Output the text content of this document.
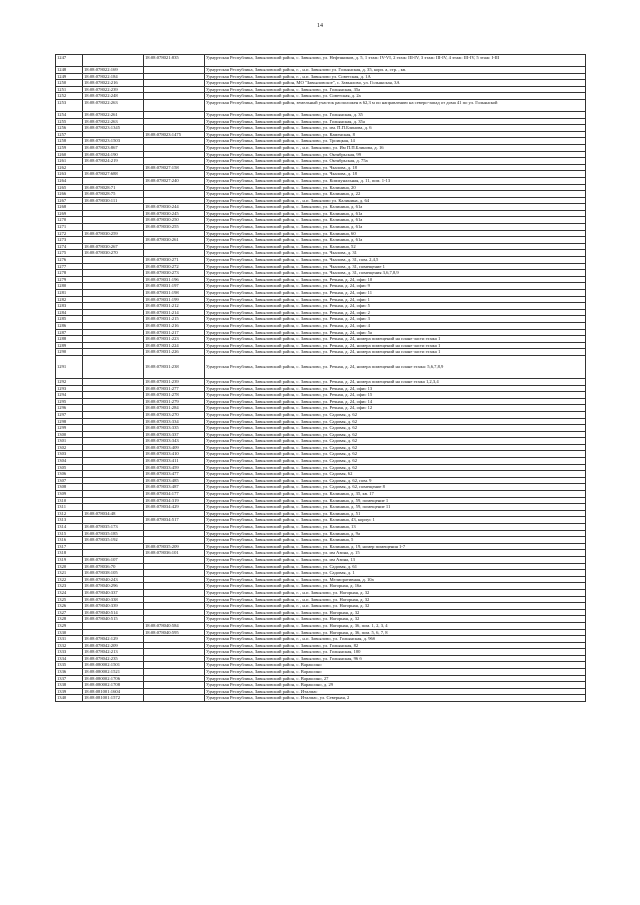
14
1247		18:08:078021:835	Удмуртская Республика, Завьяловский район, с. Завьялово, ул. Нефтяников, д. 5, 1 этаж: IV-VI, 2 этаж: III-IV, 3 этаж: III-IV, 4 этаж: III-IV, 5 этаж: I-III
1248	18:08:078022:169		Удмуртская Республика, Завьяловский район, г. , н.п. Завьялово ул. Гольянская, д. 35, корп. а, стр. , кв.
1249	18:08:078022:184		Удмуртская Республика, Завьяловский район, г. , н.п. Завьялово ул. Советская, д. 1А
1250	18:08:078022:216		Удмуртская Республика, Завьяловский район, МО "Завьяловское", с. Завьялово, ул. Гольянская, 3А
1251	18:08:078022:239		Удмуртская Республика, Завьяловский район, с. Завьялово, ул. Гольянская, 35а
1252	18:08:078022:248		Удмуртская Республика, Завьяловский район, с. Завьялово, ул. Советская, д. 2а
1253	18:08:078022:263		Удмуртская Республика, Завьяловский район, земельный участок расположен в 62,3 м по направлению на северо-запад от дома 41 по ул. Гольянской
1254	18:08:078022:261		Удмуртская Республика, Завьяловский район, с. Завьялово, ул. Гольянская, д. 35
1255	18:08:078022:263		Удмуртская Республика, Завьяловский район, с. Завьялово, ул. Гольянская, д. 35а
1256	18:08:078023:1345		Удмуртская Республика, Завьяловский район, с. Завьялово, ул. им. П.П.Блинова, д. 6
1257		18:08:078023:1475	Удмуртская Республика, Завьяловский район, с. Завьялово, ул. Каменская, 8
1258	18:08:078023:1503		Удмуртская Республика, Завьяловский район, с. Завьялово, ул. Троицкая, 14
1259	18:08:078023:867		Удмуртская Республика, Завьяловский район, г. , н.п. Завьялово, ул. Им П.П.Блинова, д. 16
1260	18:08:078024:190		Удмуртская Республика, Завьяловский район, с. Завьялово, ул. Октябрьская, 99
1261	18:08:078024:219		Удмуртская Республика, Завьяловский район, с. Завьялово, ул. Октябрьская, д. 75а
1262		18:08:078027:158	Удмуртская Республика, Завьяловский район, с. Завьялово, ул. Чкалова, д. 18
1263	18:08:078027:688		Удмуртская Республика, Завьяловский район, с. Завьялово, ул. Чкалова, д. 18
1264		18:08:078027:240	Удмуртская Республика, Завьяловский район, с. Завьялово, ул. Коммунальная, д. 11, пом. 1-13
1265	18:08:078028:71		Удмуртская Республика, Завьяловский район, с. Завьялово, ул. Калинина, 20
1266	18:08:078028:75		Удмуртская Республика, Завьяловский район, с. Завьялово, ул. Калинина, д. 22
1267	18:08:078030:111		Удмуртская Республика, Завьяловский район, г. , н.п. Завьялово ул. Калинина, д. 64
1268		18:08:078030:244	Удмуртская Республика, Завьяловский район, с. Завьялово, ул. Калинина, д. 61а
1269		18:08:078030:245	Удмуртская Республика, Завьяловский район, с. Завьялово, ул. Калинина, д. 61а
1270		18:08:078030:250	Удмуртская Республика, Завьяловский район, с. Завьялово, ул. Калинина, д. 61а
1271		18:08:078030:255	Удмуртская Республика, Завьяловский район, с. Завьялово, ул. Калинина, д. 61а
1272	18:08:078030:259		Удмуртская Республика, Завьяловский район, с. Завьялово, ул. Калинина, 60
1273		18:08:078030:261	Удмуртская Республика, Завьяловский район, с. Завьялово, ул. Калинина, д. 61а
1274	18:08:078030:267		Удмуртская Республика, Завьяловский район, с. Завьялово, ул. Калинина, 52
1275	18:08:078030:270		Удмуртская Республика, Завьяловский район, с. Завьялово, ул. Чкалова, д. 31
1276		18:08:078030:271	Удмуртская Республика, Завьяловский район, с. Завьялово, ул. Чкалова, д. 31, пом. 2,4,5
1277		18:08:078030:272	Удмуртская Республика, Завьяловский район, с. Завьялово, ул. Чкалова, д. 31, помещение 1
1278		18:08:078030:273	Удмуртская Республика, Завьяловский район, с. Завьялово, ул. Чкалова, д. 31, помещения 3,6,7,8,9
1279		18:08:078031:196	Удмуртская Республика, Завьяловский район, с. Завьялово, ул. Речная, д. 24, офис 10
1280		18:08:078031:197	Удмуртская Республика, Завьяловский район, с. Завьялово, ул. Речная, д. 24, офис 9
1281		18:08:078031:198	Удмуртская Республика, Завьяловский район, с. Завьялово, ул. Речная, д. 24, офис 11
1282		18:08:078031:199	Удмуртская Республика, Завьяловский район, с. Завьялово, ул. Речная, д. 24, офис 1
1283		18:08:078031:212	Удмуртская Республика, Завьяловский район, с. Завьялово, ул. Речная, д. 24, офис 5
1284		18:08:078031:214	Удмуртская Республика, Завьяловский район, с. Завьялово, ул. Речная, д. 24, офис 2
1285		18:08:078031:215	Удмуртская Республика, Завьяловский район, с. Завьялово, ул. Речная, д. 24, офис 3
1286		18:08:078031:216	Удмуртская Республика, Завьяловский район, с. Завьялово, ул. Речная, д. 24, офис 4
1287		18:08:078031:217	Удмуртская Республика, Завьяловский район, с. Завьялово, ул. Речная, д. 24, офис 5а
1288		18:08:078031:223	Удмуртская Республика, Завьяловский район, с. Завьялово, ул. Речная, д. 24, номера помещений на плане части этажа 1
1289		18:08:078031:224	Удмуртская Республика, Завьяловский район, с. Завьялово, ул. Речная, д. 24, номера помещений на плане части этажа 1
1290		18:08:078031:226	Удмуртская Республика, Завьяловский район, с. Завьялово, ул. Речная, д. 24, номера помещений на плане части этажа 1
1291		18:08:078031:238	Удмуртская Республика, Завьяловский район, с. Завьялово, ул. Речная, д. 24, номера помещений на плане этажа: 5,6,7,8,9
1292		18:08:078031:239	Удмуртская Республика, Завьяловский район, с. Завьялово, ул. Речная, д. 24, номера помещений на плане этажа 1,2,3,4
1293		18:08:078031:277	Удмуртская Республика, Завьяловский район, с. Завьялово, ул. Речная, д. 24, офис 13
1294		18:08:078031:278	Удмуртская Республика, Завьяловский район, с. Завьялово, ул. Речная, д. 24, офис 15
1295		18:08:078031:279	Удмуртская Республика, Завьяловский район, с. Завьялово, ул. Речная, д. 24, офис 14
1296		18:08:078031:284	Удмуртская Республика, Завьяловский район, с. Завьялово, ул. Речная, д. 24, офис 12
1297		18:08:078033:270	Удмуртская Республика, Завьяловский район, с. Завьялово, ул. Садовая, д. 62
1298		18:08:078033:334	Удмуртская Республика, Завьяловский район, с. Завьялово, ул. Садовая, д. 62
1299		18:08:078033:335	Удмуртская Республика, Завьяловский район, с. Завьялово, ул. Садовая, д. 62
1300		18:08:078033:337	Удмуртская Республика, Завьяловский район, с. Завьялово, ул. Садовая, д. 62
1301		18:08:078033:343	Удмуртская Республика, Завьяловский район, с. Завьялово, ул. Садовая, д. 62
1302		18:08:078033:409	Удмуртская Республика, Завьяловский район, с. Завьялово, ул. Садовая, д. 62
1303		18:08:078033:410	Удмуртская Республика, Завьяловский район, с. Завьялово, ул. Садовая, д. 62
1304		18:08:078033:411	Удмуртская Республика, Завьяловский район, с. Завьялово, ул. Садовая, д. 62
1305		18:08:078033:459	Удмуртская Республика, Завьяловский район, с. Завьялово, ул. Садовая, д. 62
1306		18:08:078033:477	Удмуртская Республика, Завьяловский район, с. Завьялово, ул. Садовая, 62
1307		18:08:078033:485	Удмуртская Республика, Завьяловский район, с. Завьялово, ул. Садовая, д. 62, пом. 9
1308		18:08:078033:487	Удмуртская Республика, Завьяловский район, с. Завьялово, ул. Садовая, д. 62, помещение 8
1309		18:08:078034:177	Удмуртская Республика, Завьяловский район, с. Завьялово, ул. Калинина, д. 35, кв. 17
1310		18:08:078034:319	Удмуртская Республика, Завьяловский район, с. Завьялово, ул. Калинина, д. 59, помещение 1
1311		18:08:078034:429	Удмуртская Республика, Завьяловский район, с. Завьялово, ул. Калинина, д. 59, помещение 11
1312	18:08:078034:48		Удмуртская Республика, Завьяловский район, с. Завьялово, ул. Калинина, д. 51
1313		18:08:078034:517	Удмуртская Республика, Завьяловский район, с. Завьялово, ул. Калинина, 43, корпус 1
1314	18:08:078035:173		Удмуртская Республика, Завьяловский район, с. Завьялово, ул. Калинина, 13
1315	18:08:078035:185		Удмуртская Республика, Завьяловский район, с. Завьялово, ул. Калинина, д. 9а
1316	18:08:078035:192		Удмуртская Республика, Завьяловский район, с. Завьялово, ул. Калинина, 5
1317		18:08:078035:209	Удмуртская Республика, Завьяловский район, с. Завьялово, ул. Калинина, д. 19, номер помещения 1-7
1318		18:08:078036:101	Удмуртская Республика, Завьяловский район, с. Завьялово, ул. им Азина, д. 15
1319	18:08:078036:107		Удмуртская Республика, Завьяловский район, с. Завьялово, ул. им Азина, 13
1320	18:08:078036:70		Удмуртская Республика, Завьяловский район, с. Завьялово, ул. Садовая, д. 61
1321	18:08:078038:105		Удмуртская Республика, Завьяловский район, с. Завьялово, ул. Садовая, д. 1
1322	18:08:078040:243		Удмуртская Республика, Завьяловский район, с. Завьялово, ул. Мелиоративная, д. 10а
1323	18:08:078040:296		Удмуртская Республика, Завьяловский район, с. Завьялово, ул. Нагорная, д. 16а
1324	18:08:078040:337		Удмуртская Республика, Завьяловский район, г. , н.п. Завьялово, ул. Нагорная, д. 32
1325	18:08:078040:338		Удмуртская Республика, Завьяловский район, г. , н.п. Завьялово, ул. Нагорная, д. 32
1326	18:08:078040:339		Удмуртская Республика, Завьяловский район, г. , н.п. Завьялово, ул. Нагорная, д. 32
1327	18:08:078040:514		Удмуртская Республика, Завьяловский район, с. Завьялово, ул. Нагорная, д. 32
1328	18:08:078040:515		Удмуртская Республика, Завьяловский район, с. Завьялово, ул. Нагорная, д. 32
1329		18:08:078040:584	Удмуртская Республика, Завьяловский район, с. Завьялово, ул. Нагорная, д. 36, пом. 1, 2, 3, 4
1330		18:08:078040:595	Удмуртская Республика, Завьяловский район, с. Завьялово, ул. Нагорная, д. 36, пом. 5, 6, 7, 8
1331	18:08:078042:129		Удмуртская Республика, Завьяловский район, г. , н.п. Завьялово, ул. Гольянская, д. 96б
1332	18:08:078042:209		Удмуртская Республика, Завьяловский район, с. Завьялово, ул. Гольянская, 82
1333	18:08:078042:213		Удмуртская Республика, Завьяловский район, с. Завьялово, ул. Гольянская, 100
1334	18:08:078042:235		Удмуртская Республика, Завьяловский район, с. Завьялово, ул. Гольянская, 96 б
1335	18:08:080002:1501		Удмуртская Республика, Завьяловский район, с. Вараксино
1336	18:08:080002:1521		Удмуртская Республика, Завьяловский район, с. Вараксино
1337	18:08:080002:1706		Удмуртская Республика, Завьяловский район, с. Вараксино, 27
1338	18:08:080002:1708		Удмуртская Республика, Завьяловский район, с. Вараксино, д. 29
1339	18:08:081001:1604		Удмуртская Республика, Завьяловский район, с. Италмас
1340	18:08:081001:1572		Удмуртская Республика, Завьяловский район, с. Италмас, ул. Северная, 2
